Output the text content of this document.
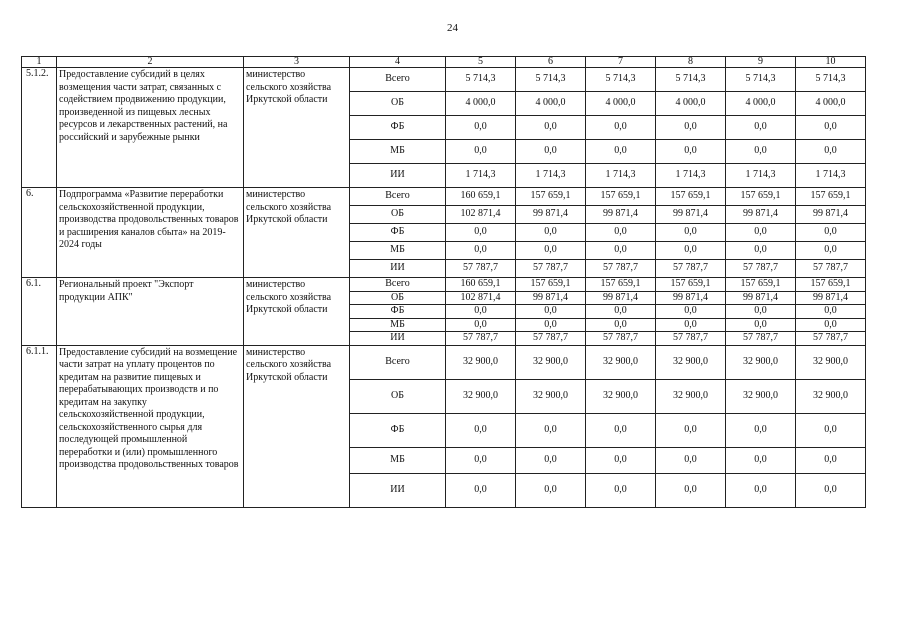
24
1	2	3	4	5	6	7	8	9	10
5.1.2.	Предоставление субсидий в целях возмещения части затрат, связанных с содействием продвижению продукции, произведенной из пищевых лесных ресурсов и лекарственных растений, на российский и зарубежные рынки	министерство сельского хозяйства Иркутской области	Всего	5 714,3	5 714,3	5 714,3	5 714,3	5 714,3	5 714,3
			ОБ	4 000,0	4 000,0	4 000,0	4 000,0	4 000,0	4 000,0
			ФБ	0,0	0,0	0,0	0,0	0,0	0,0
			МБ	0,0	0,0	0,0	0,0	0,0	0,0
			ИИ	1 714,3	1 714,3	1 714,3	1 714,3	1 714,3	1 714,3
6.	Подпрограмма «Развитие переработки сельскохозяйственной продукции, производства продовольственных товаров и расширения каналов сбыта» на 2019-2024 годы	министерство сельского хозяйства Иркутской области	Всего	160 659,1	157 659,1	157 659,1	157 659,1	157 659,1	157 659,1
			ОБ	102 871,4	99 871,4	99 871,4	99 871,4	99 871,4	99 871,4
			ФБ	0,0	0,0	0,0	0,0	0,0	0,0
			МБ	0,0	0,0	0,0	0,0	0,0	0,0
			ИИ	57 787,7	57 787,7	57 787,7	57 787,7	57 787,7	57 787,7
6.1.	Региональный проект "Экспорт продукции АПК"	министерство сельского хозяйства Иркутской области	Всего	160 659,1	157 659,1	157 659,1	157 659,1	157 659,1	157 659,1
			ОБ	102 871,4	99 871,4	99 871,4	99 871,4	99 871,4	99 871,4
			ФБ	0,0	0,0	0,0	0,0	0,0	0,0
			МБ	0,0	0,0	0,0	0,0	0,0	0,0
			ИИ	57 787,7	57 787,7	57 787,7	57 787,7	57 787,7	57 787,7
6.1.1.	Предоставление субсидий на возмещение части затрат на уплату процентов по кредитам на развитие пищевых и перерабатывающих производств и по кредитам на закупку сельскохозяйственной продукции, сельскохозяйственного сырья для последующей промышленной переработки и (или) промышленного производства продовольственных товаров	министерство сельского хозяйства Иркутской области	Всего	32 900,0	32 900,0	32 900,0	32 900,0	32 900,0	32 900,0
			ОБ	32 900,0	32 900,0	32 900,0	32 900,0	32 900,0	32 900,0
			ФБ	0,0	0,0	0,0	0,0	0,0	0,0
			МБ	0,0	0,0	0,0	0,0	0,0	0,0
			ИИ	0,0	0,0	0,0	0,0	0,0	0,0
